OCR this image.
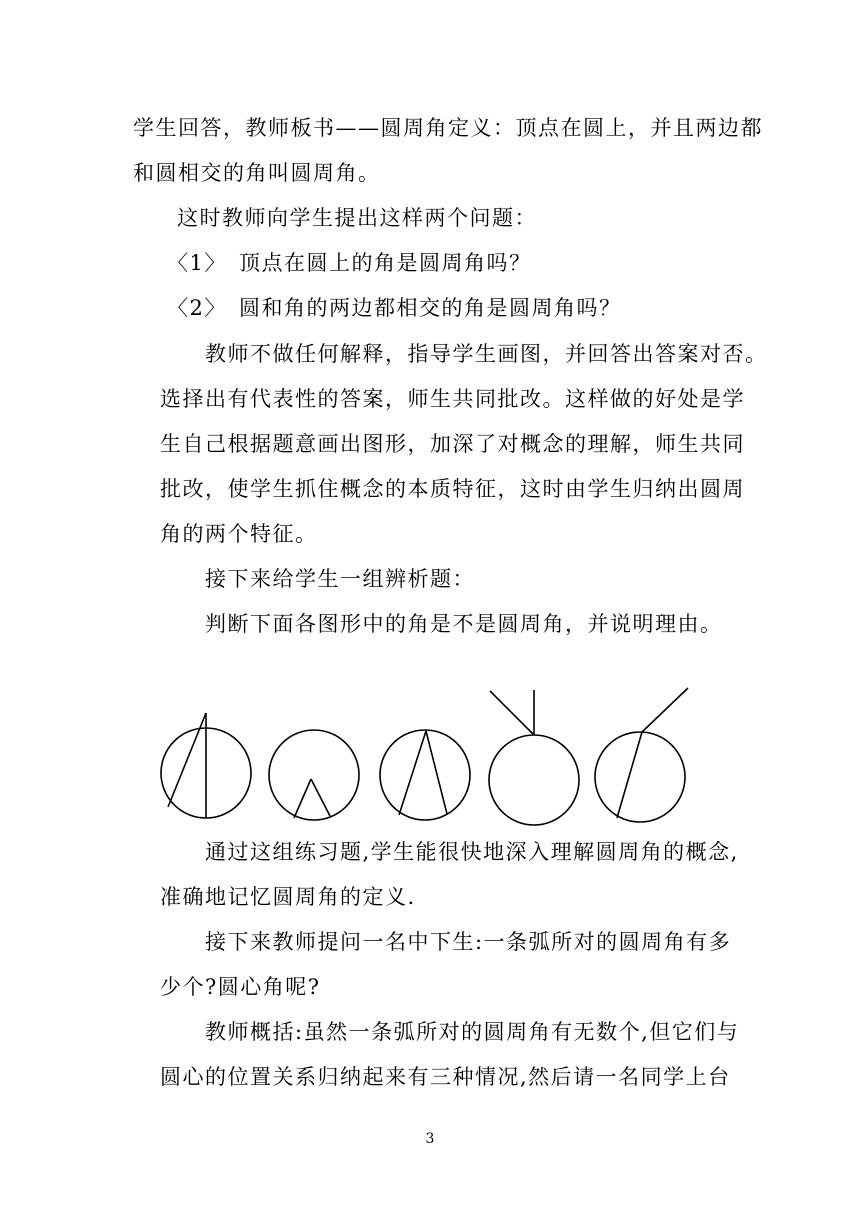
学生回答，教师板书——圆周角定义：顶点在圆上，并且两边都
和圆相交的角叫圆周角。
这时教师向学生提出这样两个问题：
〈1〉 顶点在圆上的角是圆周角吗？
〈2〉 圆和角的两边都相交的角是圆周角吗？
教师不做任何解释，指导学生画图，并回答出答案对否。
选择出有代表性的答案，师生共同批改。这样做的好处是学
生自己根据题意画出图形，加深了对概念的理解，师生共同
批改，使学生抓住概念的本质特征，这时由学生归纳出圆周
角的两个特征。
接下来给学生一组辨析题：
判断下面各图形中的角是不是圆周角，并说明理由。
通过这组练习题,学生能很快地深入理解圆周角的概念,
准确地记忆圆周角的定义.
接下来教师提问一名中下生:一条弧所对的圆周角有多
少个?圆心角呢?
教师概括:虽然一条弧所对的圆周角有无数个,但它们与
圆心的位置关系归纳起来有三种情况,然后请一名同学上台
3
